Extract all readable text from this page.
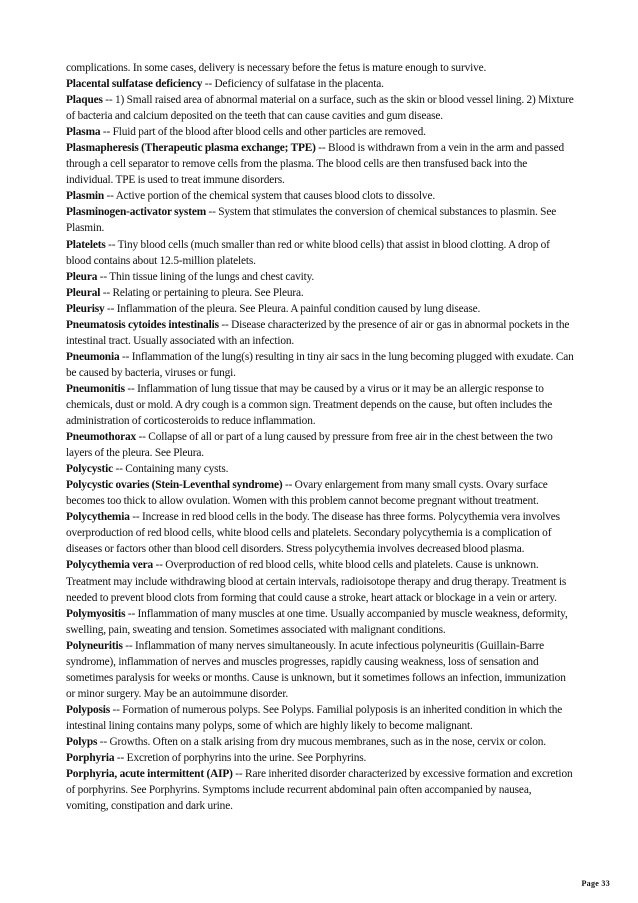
complications. In some cases, delivery is necessary before the fetus is mature enough to survive.

Placental sulfatase deficiency -- Deficiency of sulfatase in the placenta.

Plaques -- 1) Small raised area of abnormal material on a surface, such as the skin or blood vessel lining. 2) Mixture of bacteria and calcium deposited on the teeth that can cause cavities and gum disease.

Plasma -- Fluid part of the blood after blood cells and other particles are removed.

Plasmapheresis (Therapeutic plasma exchange; TPE) -- Blood is withdrawn from a vein in the arm and passed through a cell separator to remove cells from the plasma. The blood cells are then transfused back into the individual. TPE is used to treat immune disorders.

Plasmin -- Active portion of the chemical system that causes blood clots to dissolve.

Plasminogen-activator system -- System that stimulates the conversion of chemical substances to plasmin. See Plasmin.

Platelets -- Tiny blood cells (much smaller than red or white blood cells) that assist in blood clotting. A drop of blood contains about 12.5-million platelets.

Pleura -- Thin tissue lining of the lungs and chest cavity.

Pleural -- Relating or pertaining to pleura. See Pleura.

Pleurisy -- Inflammation of the pleura. See Pleura. A painful condition caused by lung disease.

Pneumatosis cytoides intestinalis -- Disease characterized by the presence of air or gas in abnormal pockets in the intestinal tract. Usually associated with an infection.

Pneumonia -- Inflammation of the lung(s) resulting in tiny air sacs in the lung becoming plugged with exudate. Can be caused by bacteria, viruses or fungi.

Pneumonitis -- Inflammation of lung tissue that may be caused by a virus or it may be an allergic response to chemicals, dust or mold. A dry cough is a common sign. Treatment depends on the cause, but often includes the administration of corticosteroids to reduce inflammation.

Pneumothorax -- Collapse of all or part of a lung caused by pressure from free air in the chest between the two layers of the pleura. See Pleura.

Polycystic -- Containing many cysts.

Polycystic ovaries (Stein-Leventhal syndrome) -- Ovary enlargement from many small cysts. Ovary surface becomes too thick to allow ovulation. Women with this problem cannot become pregnant without treatment.

Polycythemia -- Increase in red blood cells in the body. The disease has three forms. Polycythemia vera involves overproduction of red blood cells, white blood cells and platelets. Secondary polycythemia is a complication of diseases or factors other than blood cell disorders. Stress polycythemia involves decreased blood plasma.

Polycythemia vera -- Overproduction of red blood cells, white blood cells and platelets. Cause is unknown. Treatment may include withdrawing blood at certain intervals, radioisotope therapy and drug therapy. Treatment is needed to prevent blood clots from forming that could cause a stroke, heart attack or blockage in a vein or artery.

Polymyositis -- Inflammation of many muscles at one time. Usually accompanied by muscle weakness, deformity, swelling, pain, sweating and tension. Sometimes associated with malignant conditions.

Polyneuritis -- Inflammation of many nerves simultaneously. In acute infectious polyneuritis (Guillain-Barre syndrome), inflammation of nerves and muscles progresses, rapidly causing weakness, loss of sensation and sometimes paralysis for weeks or months. Cause is unknown, but it sometimes follows an infection, immunization or minor surgery. May be an autoimmune disorder.

Polyposis -- Formation of numerous polyps. See Polyps. Familial polyposis is an inherited condition in which the intestinal lining contains many polyps, some of which are highly likely to become malignant.

Polyps -- Growths. Often on a stalk arising from dry mucous membranes, such as in the nose, cervix or colon.

Porphyria -- Excretion of porphyrins into the urine. See Porphyrins.

Porphyria, acute intermittent (AIP) -- Rare inherited disorder characterized by excessive formation and excretion of porphyrins. See Porphyrins. Symptoms include recurrent abdominal pain often accompanied by nausea, vomiting, constipation and dark urine.

Page 33
